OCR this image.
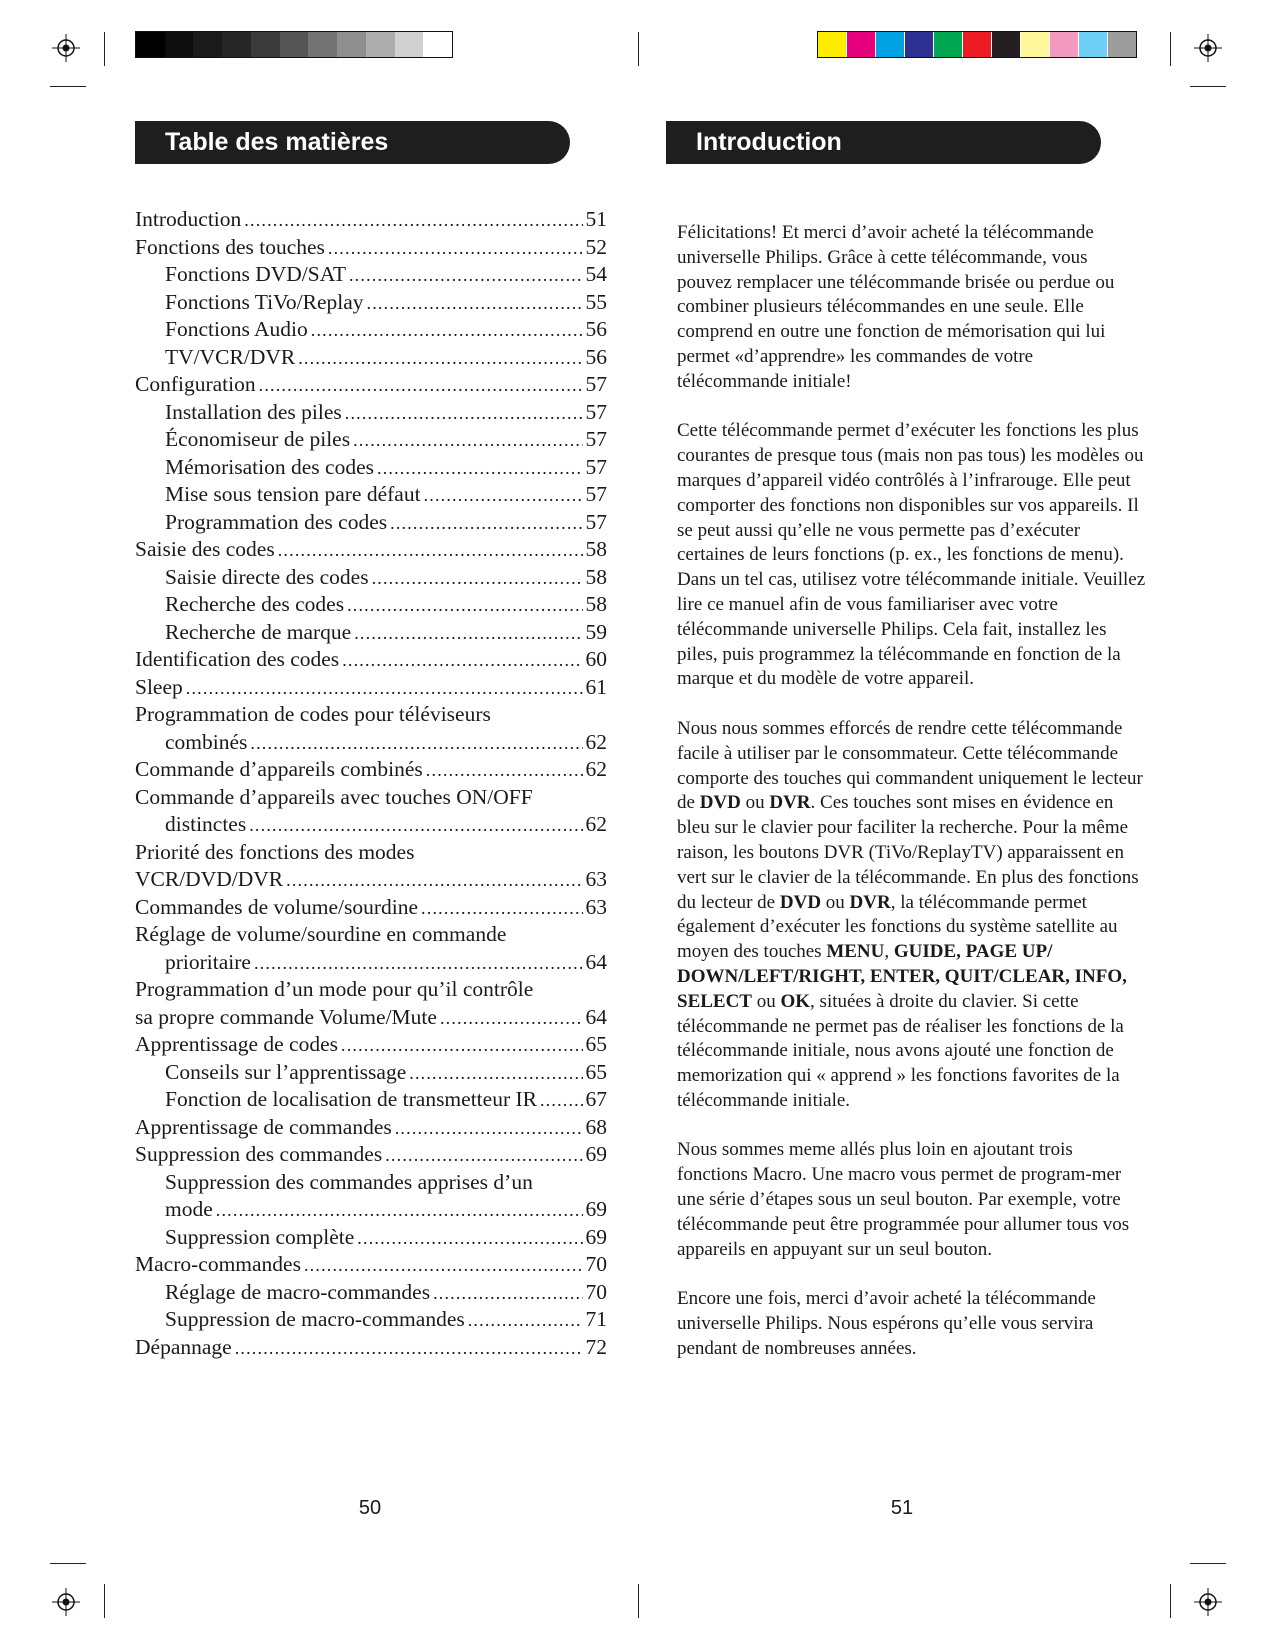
Table des matières
Introduction .....	51
Fonctions des touches .....	52
Fonctions DVD/SAT .....	54
Fonctions TiVo/Replay .....	55
Fonctions Audio .....	56
TV/VCR/DVR .....	56
Configuration .....	57
Installation des piles .....	57
Économiseur de piles .....	57
Mémorisation des codes .....	57
Mise sous tension pare défaut .....	57
Programmation des codes .....	57
Saisie des codes .....	58
Saisie directe des codes .....	58
Recherche des codes .....	58
Recherche de marque .....	59
Identification des codes .....	60
Sleep .....	61
Programmation de codes pour téléviseurs
combinés .....	62
Commande d’appareils combinés .....	62
Commande d’appareils avec touches ON/OFF
distinctes .....	62
Priorité des fonctions des modes
VCR/DVD/DVR .....	63
Commandes de volume/sourdine .....	63
Réglage de volume/sourdine en commande
prioritaire .....	64
Programmation d’un mode pour qu’il contrôle
sa propre commande Volume/Mute .....	64
Apprentissage de codes .....	65
Conseils sur l’apprentissage .....	65
Fonction de localisation de transmetteur IR ..... 67
Apprentissage de commandes .....	68
Suppression des commandes .....	69
Suppression des commandes apprises d’un
mode .....	69
Suppression complète .....	69
Macro-commandes .....	70
Réglage de macro-commandes .....	70
Suppression de macro-commandes .....	71
Dépannage .....	72
50
Introduction

Félicitations! Et merci d’avoir acheté la télécommande universelle Philips. Grâce à cette télécommande, vous pouvez remplacer une télécommande brisée ou perdue ou combiner plusieurs télécommandes en une seule. Elle comprend en outre une fonction de mémorisation qui lui permet «d’apprendre» les commandes de votre télécommande initiale!

Cette télécommande permet d’exécuter les fonctions les plus courantes de presque tous (mais non pas tous) les modèles ou marques d’appareil vidéo contrôlés à l’infrarouge. Elle peut comporter des fonctions non disponibles sur vos appareils. Il se peut aussi qu’elle ne vous permette pas d’exécuter certaines de leurs fonctions (p. ex., les fonctions de menu). Dans un tel cas, utilisez votre télécommande initiale. Veuillez lire ce manuel afin de vous familiariser avec votre télécommande universelle Philips. Cela fait, installez les piles, puis programmez la télécommande en fonction de la marque et du modèle de votre appareil.

Nous nous sommes efforcés de rendre cette télécommande facile à utiliser par le consommateur. Cette télécommande comporte des touches qui commandent uniquement le lecteur de DVD ou DVR. Ces touches sont mises en évidence en bleu sur le clavier pour faciliter la recherche. Pour la même raison, les boutons DVR (TiVo/ReplayTV) apparaissent en vert sur le clavier de la télécommande. En plus des fonctions du lecteur de DVD ou DVR, la télécommande permet également d’exécuter les fonctions du système satellite au moyen des touches MENU, GUIDE, PAGE UP/ DOWN/LEFT/RIGHT, ENTER, QUIT/CLEAR, INFO, SELECT ou OK, situées à droite du clavier. Si cette télécommande ne permet pas de réaliser les fonctions de la télécommande initiale, nous avons ajouté une fonction de memorization qui « apprend » les fonctions favorites de la télécommande initiale.

Nous sommes meme allés plus loin en ajoutant trois fonctions Macro. Une macro vous permet de program-mer une série d’étapes sous un seul bouton. Par exemple, votre télécommande peut être programmée pour allumer tous vos appareils en appuyant sur un seul bouton.

Encore une fois, merci d’avoir acheté la télécommande universelle Philips. Nous espérons qu’elle vous servira pendant de nombreuses années.

51
